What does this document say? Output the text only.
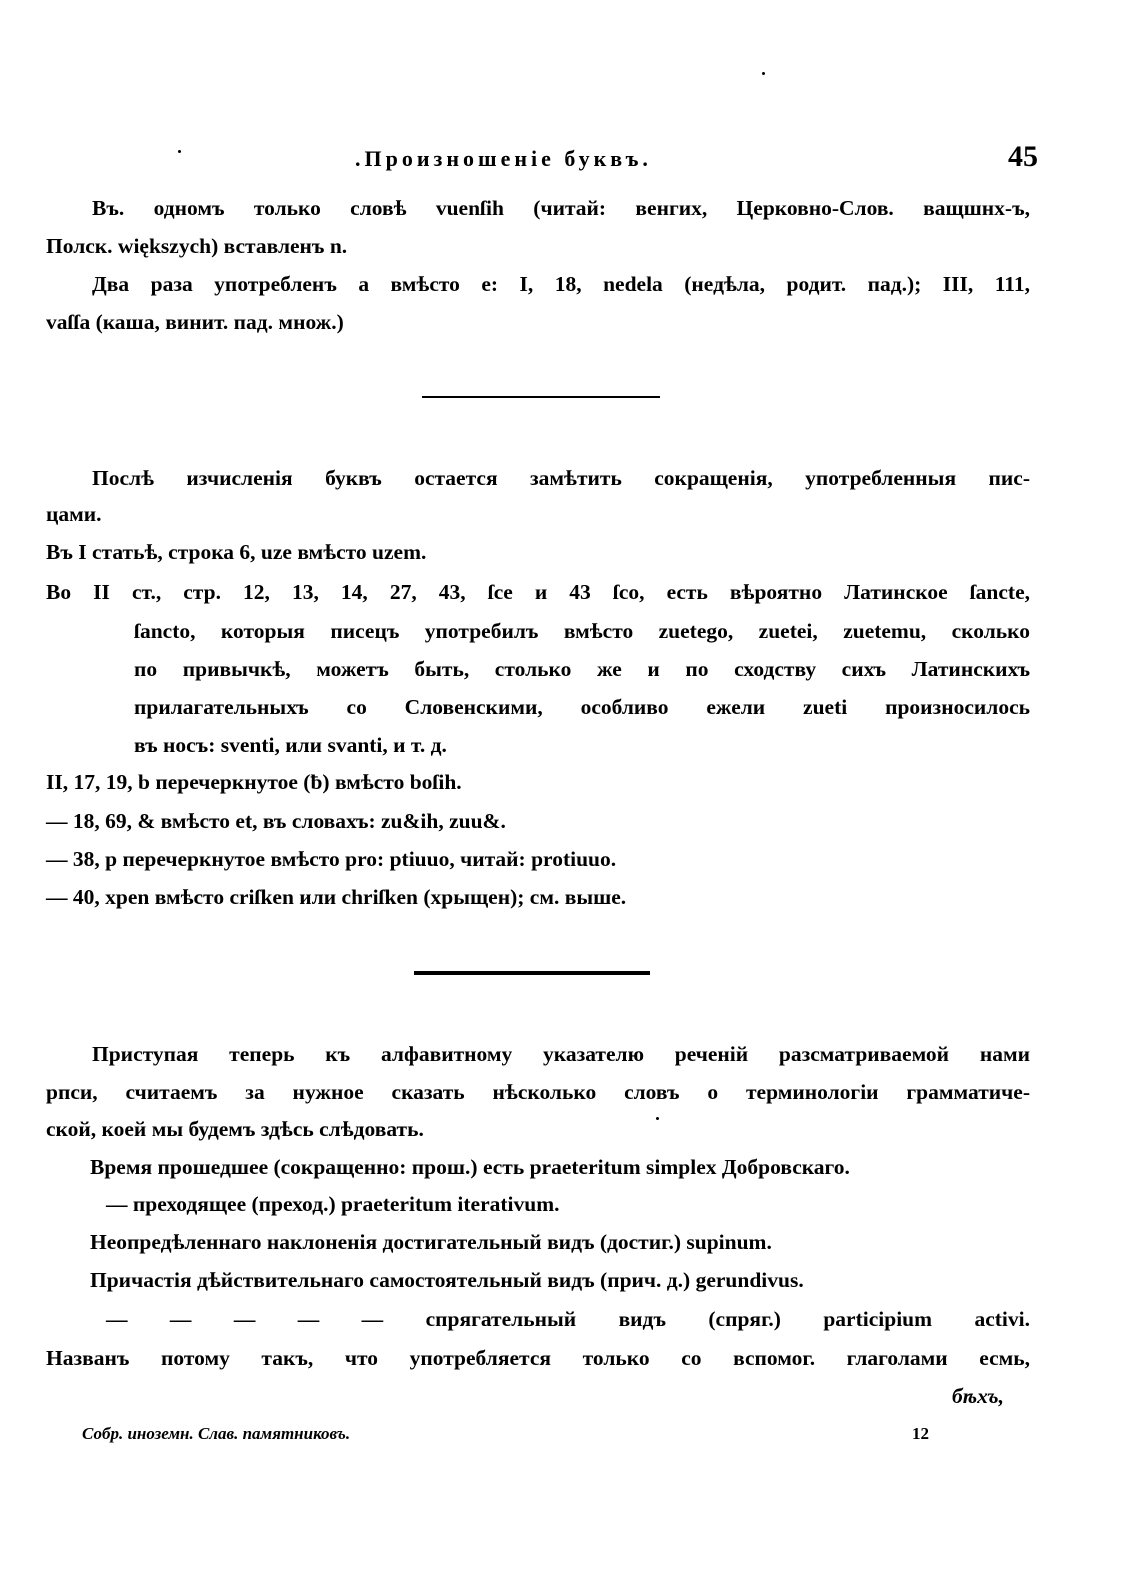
.Произношеніе буквъ.	45
Въ. одномъ только словѣ vuenſih (читай: венгих, Церковно-Слов. ващшнх‑ъ,
Полск. większych) вставленъ n.
Два раза употребленъ а вмѣсто е: I, 18, nedela (недѣла, родит. пад.); III, 111,
vaſſa (каша, винит. пад. множ.)
Послѣ изчисленія буквъ остается замѣтить сокращенія, употребленныя пис-
цами.
Въ I статьѣ, строка 6, uze вмѣсто uzem.
Во II ст., стр. 12, 13, 14, 27, 43, ſce и 43 ſco, есть вѣроятно Латинское ſancte,
ſancto, которыя писецъ употребилъ вмѣсто zuetego, zuetei, zuetemu, сколько
по привычкѣ, можетъ быть, столько же и по сходству сихъ Латинскихъ
прилагательныхъ со Словенскими, особливо ежели zueti произносилось
въ носъ: sventi, или svanti, и т. д.
II, 17, 19, b перечеркнутое (ƀ) вмѣсто boſih.
— 18, 69, & вмѣсто et, въ словахъ: zu&ih, zuu&.
— 38, p перечеркнутое вмѣсто pro: ptiuuo, читай: protiuuo.
— 40, xpen вмѣсто criſken или chriſken (хрыщен); см. выше.
Приступая теперь къ алфавитному указателю реченій разсматриваемой нами
рпси, считаемъ за нужное сказать нѣсколько словъ о терминологіи грамматиче-
ской, коей мы будемъ здѣсь слѣдовать.
Время прошедшее (сокращенно: прош.) есть praeteritum simplex Добровскаго.
— преходящее (преход.) praeteritum iterativum.
Неопредѣленнаго наклоненія достигательный видъ (достиг.) supinum.
Причастія дѣйствительнаго самостоятельный видъ (прич. д.) gerundivus.
— — — — — спрягательный видъ (спряг.) participium activi.
Названъ потому такъ, что употребляется только со вспомог. глаголами есмь,
бѣхъ,
Собр. иноземн. Слав. памятниковъ.	12
